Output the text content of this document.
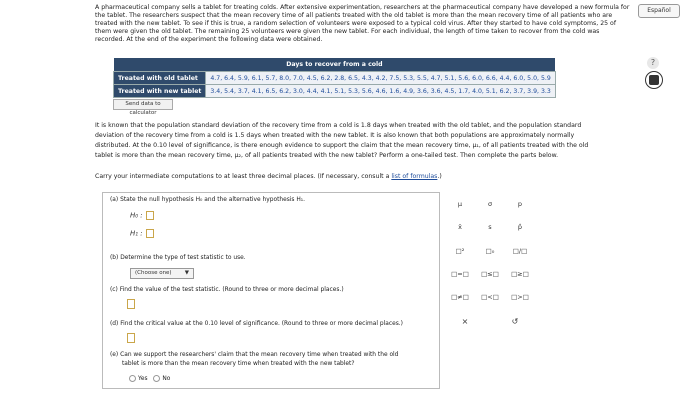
A pharmaceutical company sells a tablet for treating colds. After extensive experimentation, researchers at the pharmaceutical company have developed a new formula for the tablet. The researchers suspect that the mean recovery time of all patients treated with the old tablet is more than the mean recovery time of all patients who are treated with the new tablet. To see if this is true, a random selection of volunteers were exposed to a typical cold virus. After they started to have cold symptoms, 25 of them were given the old tablet. The remaining 25 volunteers were given the new tablet. For each individual, the length of time taken to recover from the cold was recorded. At the end of the experiment the following data were obtained.
Español
?
Days to recover from a cold	
Treated with old tablet	4.7, 6.4, 5.9, 6.1, 5.7, 8.0, 7.0, 4.5, 6.2, 2.8, 6.5, 4.3, 4.2, 7.5, 5.3, 5.5, 4.7, 5.1, 5.6, 6.0, 6.6, 4.4, 6.0, 5.0, 5.9
Treated with new tablet	3.4, 5.4, 3.7, 4.1, 6.5, 6.2, 3.0, 4.4, 4.1, 5.1, 5.3, 5.6, 4.6, 1.6, 4.9, 3.6, 3.6, 4.5, 1.7, 4.0, 5.1, 6.2, 3.7, 3.9, 3.3
Send data to calculator
It is known that the population standard deviation of the recovery time from a cold is 1.8 days when treated with the old tablet, and the population standard
deviation of the recovery time from a cold is 1.5 days when treated with the new tablet. It is also known that both populations are approximately normally
distributed. At the 0.10 level of significance, is there enough evidence to support the claim that the mean recovery time, μ₁, of all patients treated with the old
tablet is more than the mean recovery time, μ₂, of all patients treated with the new tablet? Perform a one-tailed test. Then complete the parts below.
Carry your intermediate computations to at least three decimal places. (If necessary, consult a list of formulas.)
(a) State the null hypothesis H₀ and the alternative hypothesis H₁.
H₀ :
H₁ :
(b) Determine the type of test statistic to use.
(Choose one) ▼
(c) Find the value of the test statistic. (Round to three or more decimal places.)
(d) Find the critical value at the 0.10 level of significance. (Round to three or more decimal places.)
(e) Can we support the researchers' claim that the mean recovery time when treated with the old
tablet is more than the mean recovery time when treated with the new tablet?
Yes	No
μ	σ	p
x̄	s	p̂
□²	□₀	□/□
□=□ □≤□ □≥□
□≠□ □<□ □>□
×	↺
